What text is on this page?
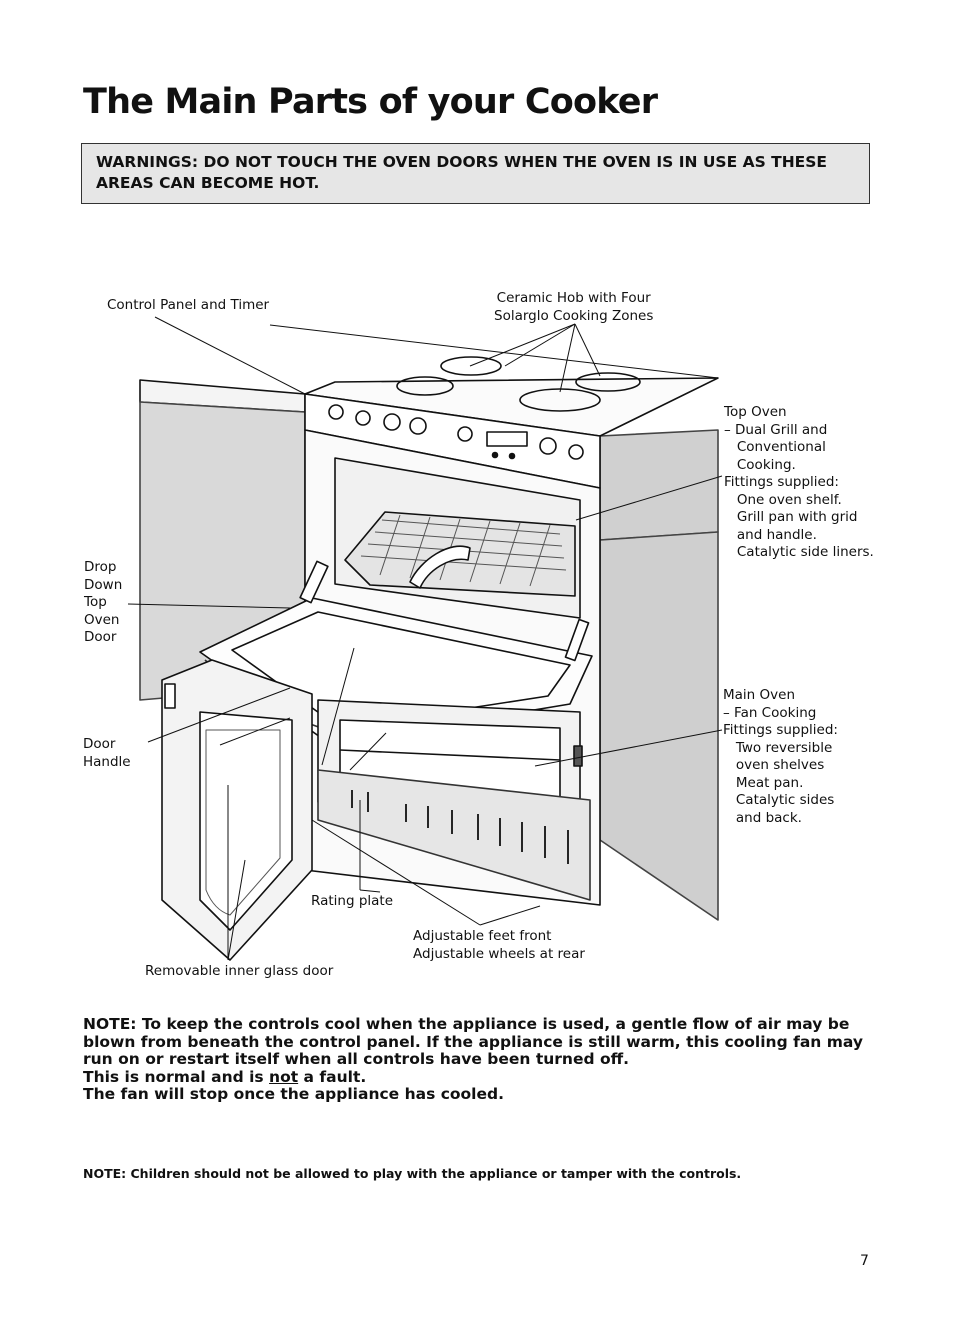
The Main Parts of your Cooker
WARNINGS: DO NOT TOUCH THE OVEN DOORS WHEN THE OVEN IS IN USE AS THESE AREAS CAN BECOME HOT.
Control Panel and Timer	Ceramic Hob with Four
Solarglo Cooking Zones
Top Oven
– Dual Grill and
Conventional
Cooking.
Fittings supplied:
One oven shelf.
Grill pan with grid
and handle.
Catalytic side liners.
Drop
Down
Top
Oven
Door
Main Oven
– Fan Cooking
Fittings supplied:
Two reversible
oven shelves
Meat pan.
Catalytic sides
and back.
Door
Handle
Rating plate
Adjustable feet front
Adjustable wheels at rear
Removable inner glass door

NOTE: To keep the controls cool when the appliance is used, a gentle flow of air may be blown from beneath the control panel. If the appliance is still warm, this cooling fan may run on or restart itself when all controls have been turned off.

This is normal and is not a fault.

The fan will stop once the appliance has cooled.

NOTE: Children should not be allowed to play with the appliance or tamper with the controls.
7
